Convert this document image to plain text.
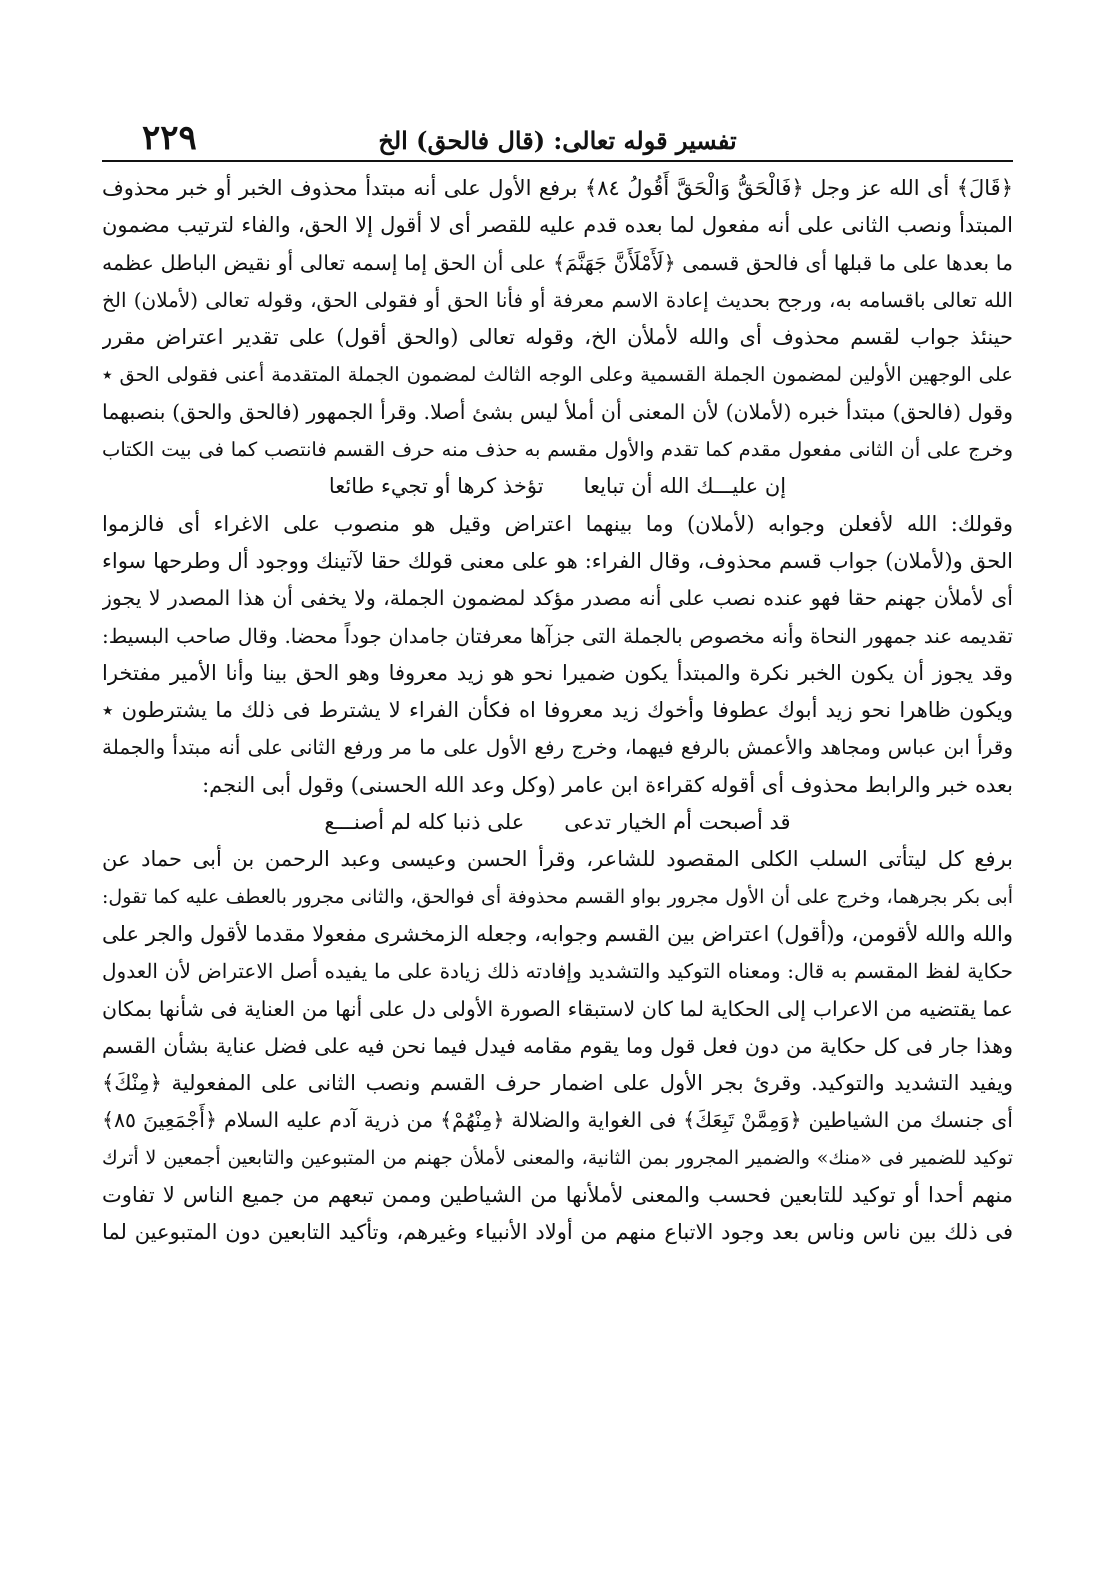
٢٢٩	تفسير قوله تعالى: (قال فالحق) الخ
﴿قَالَ﴾ أى الله عز وجل ﴿فَالْحَقُّ وَالْحَقَّ أَقُولُ ٨٤﴾ برفع الأول على أنه مبتدأ محذوف الخبر أو خبر محذوف
المبتدأ ونصب الثانى على أنه مفعول لما بعده قدم عليه للقصر أى لا أقول إلا الحق، والفاء لترتيب مضمون
ما بعدها على ما قبلها أى فالحق قسمى ﴿لَأَمْلَأَنَّ جَهَنَّمَ﴾ على أن الحق إما إسمه تعالى أو نقيض الباطل عظمه
الله تعالى باقسامه به، ورجح بحديث إعادة الاسم معرفة أو فأنا الحق أو فقولى الحق، وقوله تعالى (لأملان) الخ
حينئذ جواب لقسم محذوف أى والله لأملأن الخ، وقوله تعالى (والحق أقول) على تقدير اعتراض مقرر
على الوجهين الأولين لمضمون الجملة القسمية وعلى الوجه الثالث لمضمون الجملة المتقدمة أعنى فقولى الحق ٭
وقول (فالحق) مبتدأ خبره (لأملان) لأن المعنى أن أملأ ليس بشئ أصلا. وقرأ الجمهور (فالحق والحق) بنصبهما
وخرج على أن الثانى مفعول مقدم كما تقدم والأول مقسم به حذف منه حرف القسم فانتصب كما فى بيت الكتاب
إن عليـــك الله أن تبايعاتؤخذ كرها أو تجيء طائعا
وقولك: الله لأفعلن وجوابه (لأملان) وما بينهما اعتراض وقيل هو منصوب على الاغراء أى فالزموا
الحق و(لأملان) جواب قسم محذوف، وقال الفراء: هو على معنى قولك حقا لآتينك ووجود أل وطرحها سواء
أى لأملأن جهنم حقا فهو عنده نصب على أنه مصدر مؤكد لمضمون الجملة، ولا يخفى أن هذا المصدر لا يجوز
تقديمه عند جمهور النحاة وأنه مخصوص بالجملة التى جزآها معرفتان جامدان جوداً محضا. وقال صاحب البسيط:
وقد يجوز أن يكون الخبر نكرة والمبتدأ يكون ضميرا نحو هو زيد معروفا وهو الحق بينا وأنا الأمير مفتخرا
ويكون ظاهرا نحو زيد أبوك عطوفا وأخوك زيد معروفا اه فكأن الفراء لا يشترط فى ذلك ما يشترطون ٭
وقرأ ابن عباس ومجاهد والأعمش بالرفع فيهما، وخرج رفع الأول على ما مر ورفع الثانى على أنه مبتدأ والجملة
بعده خبر والرابط محذوف أى أقوله كقراءة ابن عامر (وكل وعد الله الحسنى) وقول أبى النجم:
قد أصبحت أم الخيار تدعىعلى ذنبا كله لم أصنـــع
برفع كل ليتأتى السلب الكلى المقصود للشاعر، وقرأ الحسن وعيسى وعبد الرحمن بن أبى حماد عن
أبى بكر بجرهما، وخرج على أن الأول مجرور بواو القسم محذوفة أى فوالحق، والثانى مجرور بالعطف عليه كما تقول:
والله والله لأقومن، و(أقول) اعتراض بين القسم وجوابه، وجعله الزمخشرى مفعولا مقدما لأقول والجر على
حكاية لفظ المقسم به قال: ومعناه التوكيد والتشديد وإفادته ذلك زيادة على ما يفيده أصل الاعتراض لأن العدول
عما يقتضيه من الاعراب إلى الحكاية لما كان لاستبقاء الصورة الأولى دل على أنها من العناية فى شأنها بمكان
وهذا جار فى كل حكاية من دون فعل قول وما يقوم مقامه فيدل فيما نحن فيه على فضل عناية بشأن القسم
ويفيد التشديد والتوكيد. وقرئ بجر الأول على اضمار حرف القسم ونصب الثانى على المفعولية ﴿مِنْكَ﴾
أى جنسك من الشياطين ﴿وَمِمَّنْ تَبِعَكَ﴾ فى الغواية والضلالة ﴿مِنْهُمْ﴾ من ذرية آدم عليه السلام ﴿أَجْمَعِينَ ٨٥﴾
توكيد للضمير فى «منك» والضمير المجرور بمن الثانية، والمعنى لأملأن جهنم من المتبوعين والتابعين أجمعين لا أترك
منهم أحدا أو توكيد للتابعين فحسب والمعنى لأملأنها من الشياطين وممن تبعهم من جميع الناس لا تفاوت
فى ذلك بين ناس وناس بعد وجود الاتباع منهم من أولاد الأنبياء وغيرهم، وتأكيد التابعين دون المتبوعين لما
